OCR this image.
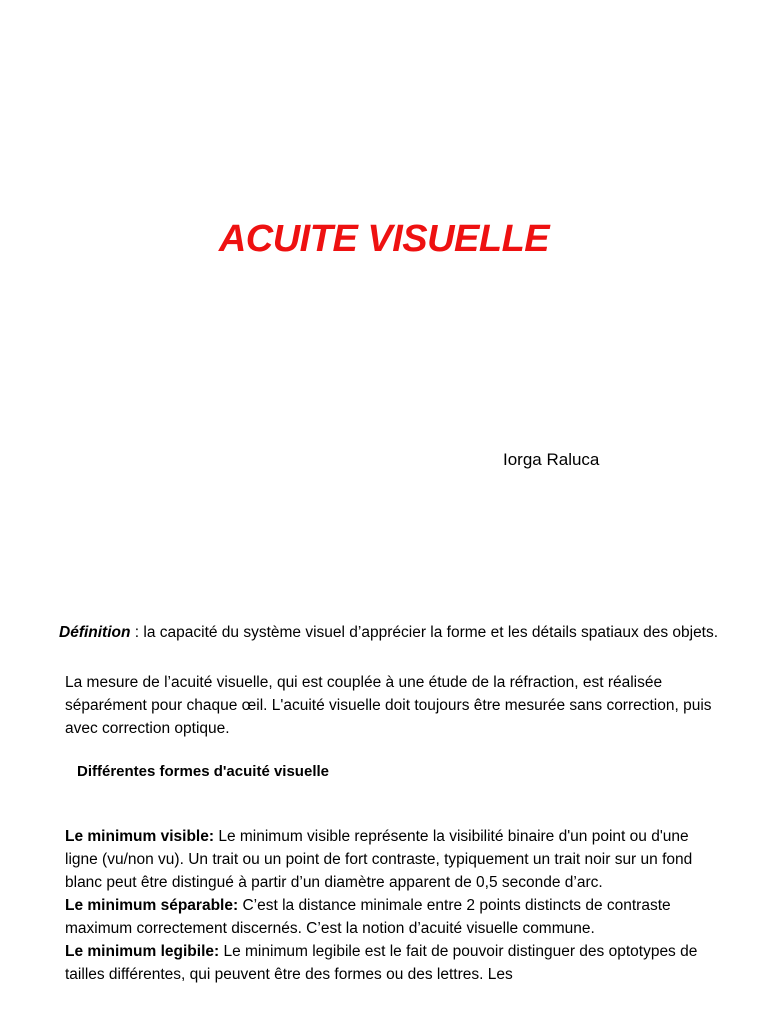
ACUITE VISUELLE

Iorga Raluca

Définition : la capacité du système visuel d’apprécier la forme et les détails spatiaux des objets.

La mesure de l’acuité visuelle, qui est couplée à une étude de la réfraction, est réalisée séparément pour chaque œil. L'acuité visuelle doit toujours être mesurée sans correction, puis avec correction optique.

Différentes formes d'acuité visuelle

Le minimum visible: Le minimum visible représente la visibilité binaire d'un point ou d'une ligne (vu/non vu). Un trait ou un point de fort contraste, typiquement un trait noir sur un fond blanc peut être distingué à partir d’un diamètre apparent de 0,5 seconde d’arc.
Le minimum séparable: C’est la distance minimale entre 2 points distincts de contraste maximum correctement discernés. C’est la notion d’acuité visuelle commune.
Le minimum legibile: Le minimum legibile est le fait de pouvoir distinguer des optotypes de tailles différentes, qui peuvent être des formes ou des lettres. Les
